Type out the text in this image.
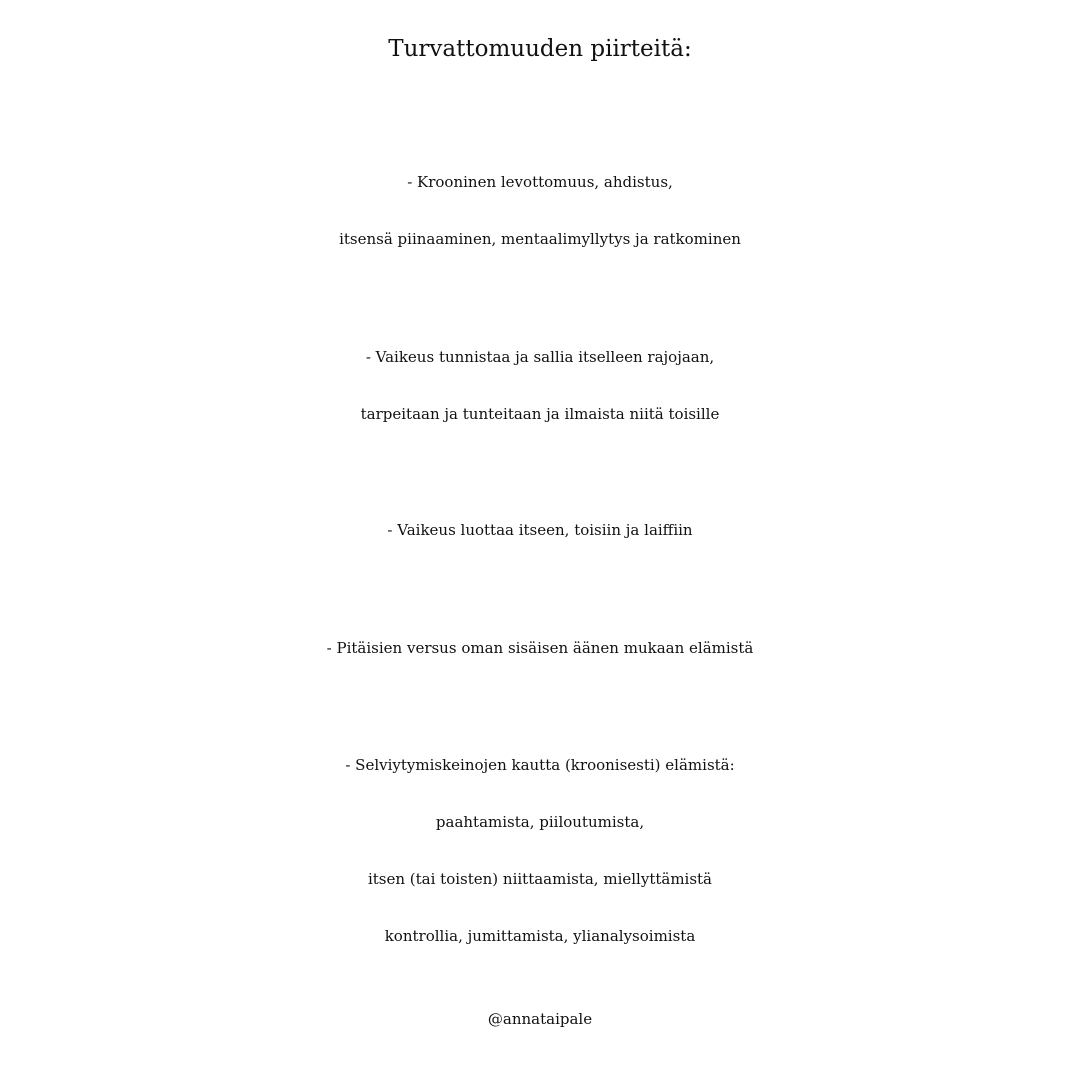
Turvattomuuden piirteitä:
- Krooninen levottomuus, ahdistus,
itsensä piinaaminen, mentaalimyllytys ja ratkominen
- Vaikeus tunnistaa ja sallia itselleen rajojaan,
tarpeitaan ja tunteitaan ja ilmaista niitä toisille
- Vaikeus luottaa itseen, toisiin ja laiffiin
- Pitäisien versus oman sisäisen äänen mukaan elämistä
- Selviytymiskeinojen kautta (kroonisesti) elämistä:
paahtamista, piiloutumista,
itsen (tai toisten) niittaamista, miellyttämistä
kontrollia, jumittamista, ylianalysoimista
@annataipale
